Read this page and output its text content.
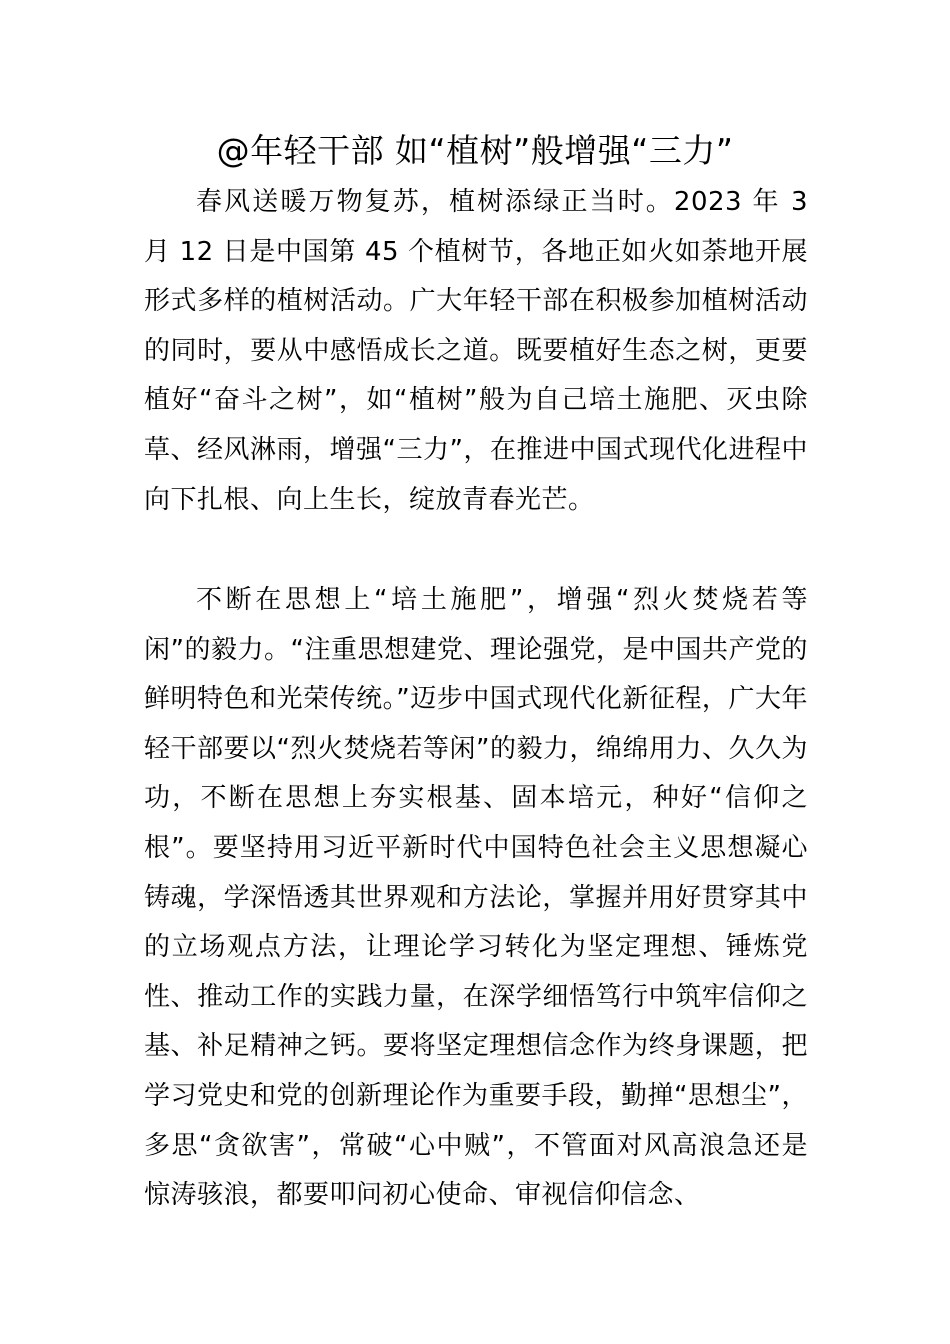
@年轻干部 如“植树”般增强“三力”

春风送暖万物复苏，植树添绿正当时。2023 年 3 月 12 日是中国第 45 个植树节，各地正如火如荼地开展形式多样的植树活动。广大年轻干部在积极参加植树活动的同时，要从中感悟成长之道。既要植好生态之树，更要植好“奋斗之树”，如“植树”般为自己培土施肥、灭虫除草、经风淋雨，增强“三力”，在推进中国式现代化进程中向下扎根、向上生长，绽放青春光芒。

不断在思想上“培土施肥”，增强“烈火焚烧若等闲”的毅力。“注重思想建党、理论强党，是中国共产党的鲜明特色和光荣传统。”迈步中国式现代化新征程，广大年轻干部要以“烈火焚烧若等闲”的毅力，绵绵用力、久久为功，不断在思想上夯实根基、固本培元，种好“信仰之根”。要坚持用习近平新时代中国特色社会主义思想凝心铸魂，学深悟透其世界观和方法论，掌握并用好贯穿其中的立场观点方法，让理论学习转化为坚定理想、锤炼党性、推动工作的实践力量，在深学细悟笃行中筑牢信仰之基、补足精神之钙。要将坚定理想信念作为终身课题，把学习党史和党的创新理论作为重要手段，勤掸“思想尘”，多思“贪欲害”，常破“心中贼”，不管面对风高浪急还是惊涛骇浪，都要叩问初心使命、审视信仰信念、
